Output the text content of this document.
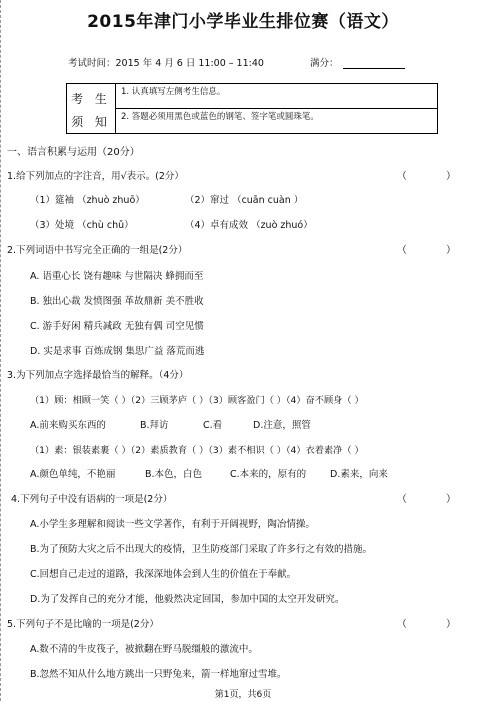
2015年津门小学毕业生排位赛（语文）
考试时间：2015 年 4 月 6 日 11:00 – 11:40	满分：
考 生
须 知
1. 认真填写左侧考生信息。
2. 答题必须用黑色或蓝色的钢笔、签字笔或圆珠笔。
一、语言积累与运用（20分）
1.给下列加点的字注音，用√表示。(2分）	（ ）
（1）筵袖 （zhuò zhuō）	（2）窜过 （cuān cuàn ）
（3）处境 （chù chǔ）	（4）卓有成效 （zuò zhuó）
2.下列词语中书写完全正确的一组是(2分）	（ ）
A. 语重心长 饶有趣味 与世隔决 蜂拥而至
B. 独出心裁 发愤图强 革故鼎新 美不胜收
C. 游手好闲 精兵减政 无独有偶 司空见惯
D. 实是求事 百炼成钢 集思广益 落荒而逃
3.为下列加点字选择最恰当的解释。（4分）
（1）顾：相顾一笑（ ）（2）三顾茅庐（ ）（3）顾客盈门（ ）（4）奋不顾身（ ）
A.前来购买东西的	B.拜访	C.看	D.注意，照管
（1）素：银装素裹（ ）（2）素质教育（ ）（3）素不相识（ ）（4）衣着素净（ ）
A.颜色单纯，不艳丽	B.本色，白色	C.本来的，原有的	D.素来，向来
4.下列句子中没有语病的一项是(2分）	（ ）
A.小学生多理解和阅读一些文学著作，有利于开阔视野，陶冶情操。
B.为了预防大灾之后不出现大的疫情，卫生防疫部门采取了许多行之有效的措施。
C.回想自己走过的道路，我深深地体会到人生的价值在于奉献。
D.为了发挥自己的充分才能，他毅然决定回国，参加中国的太空开发研究。
5.下列句子不是比喻的一项是(2分）	（ ）
A.数不清的牛皮筏子，被掀翻在野马脱缰般的激流中。
B.忽然不知从什么地方跳出一只野兔来，箭一样地窜过雪堆。
第1页，共6页
